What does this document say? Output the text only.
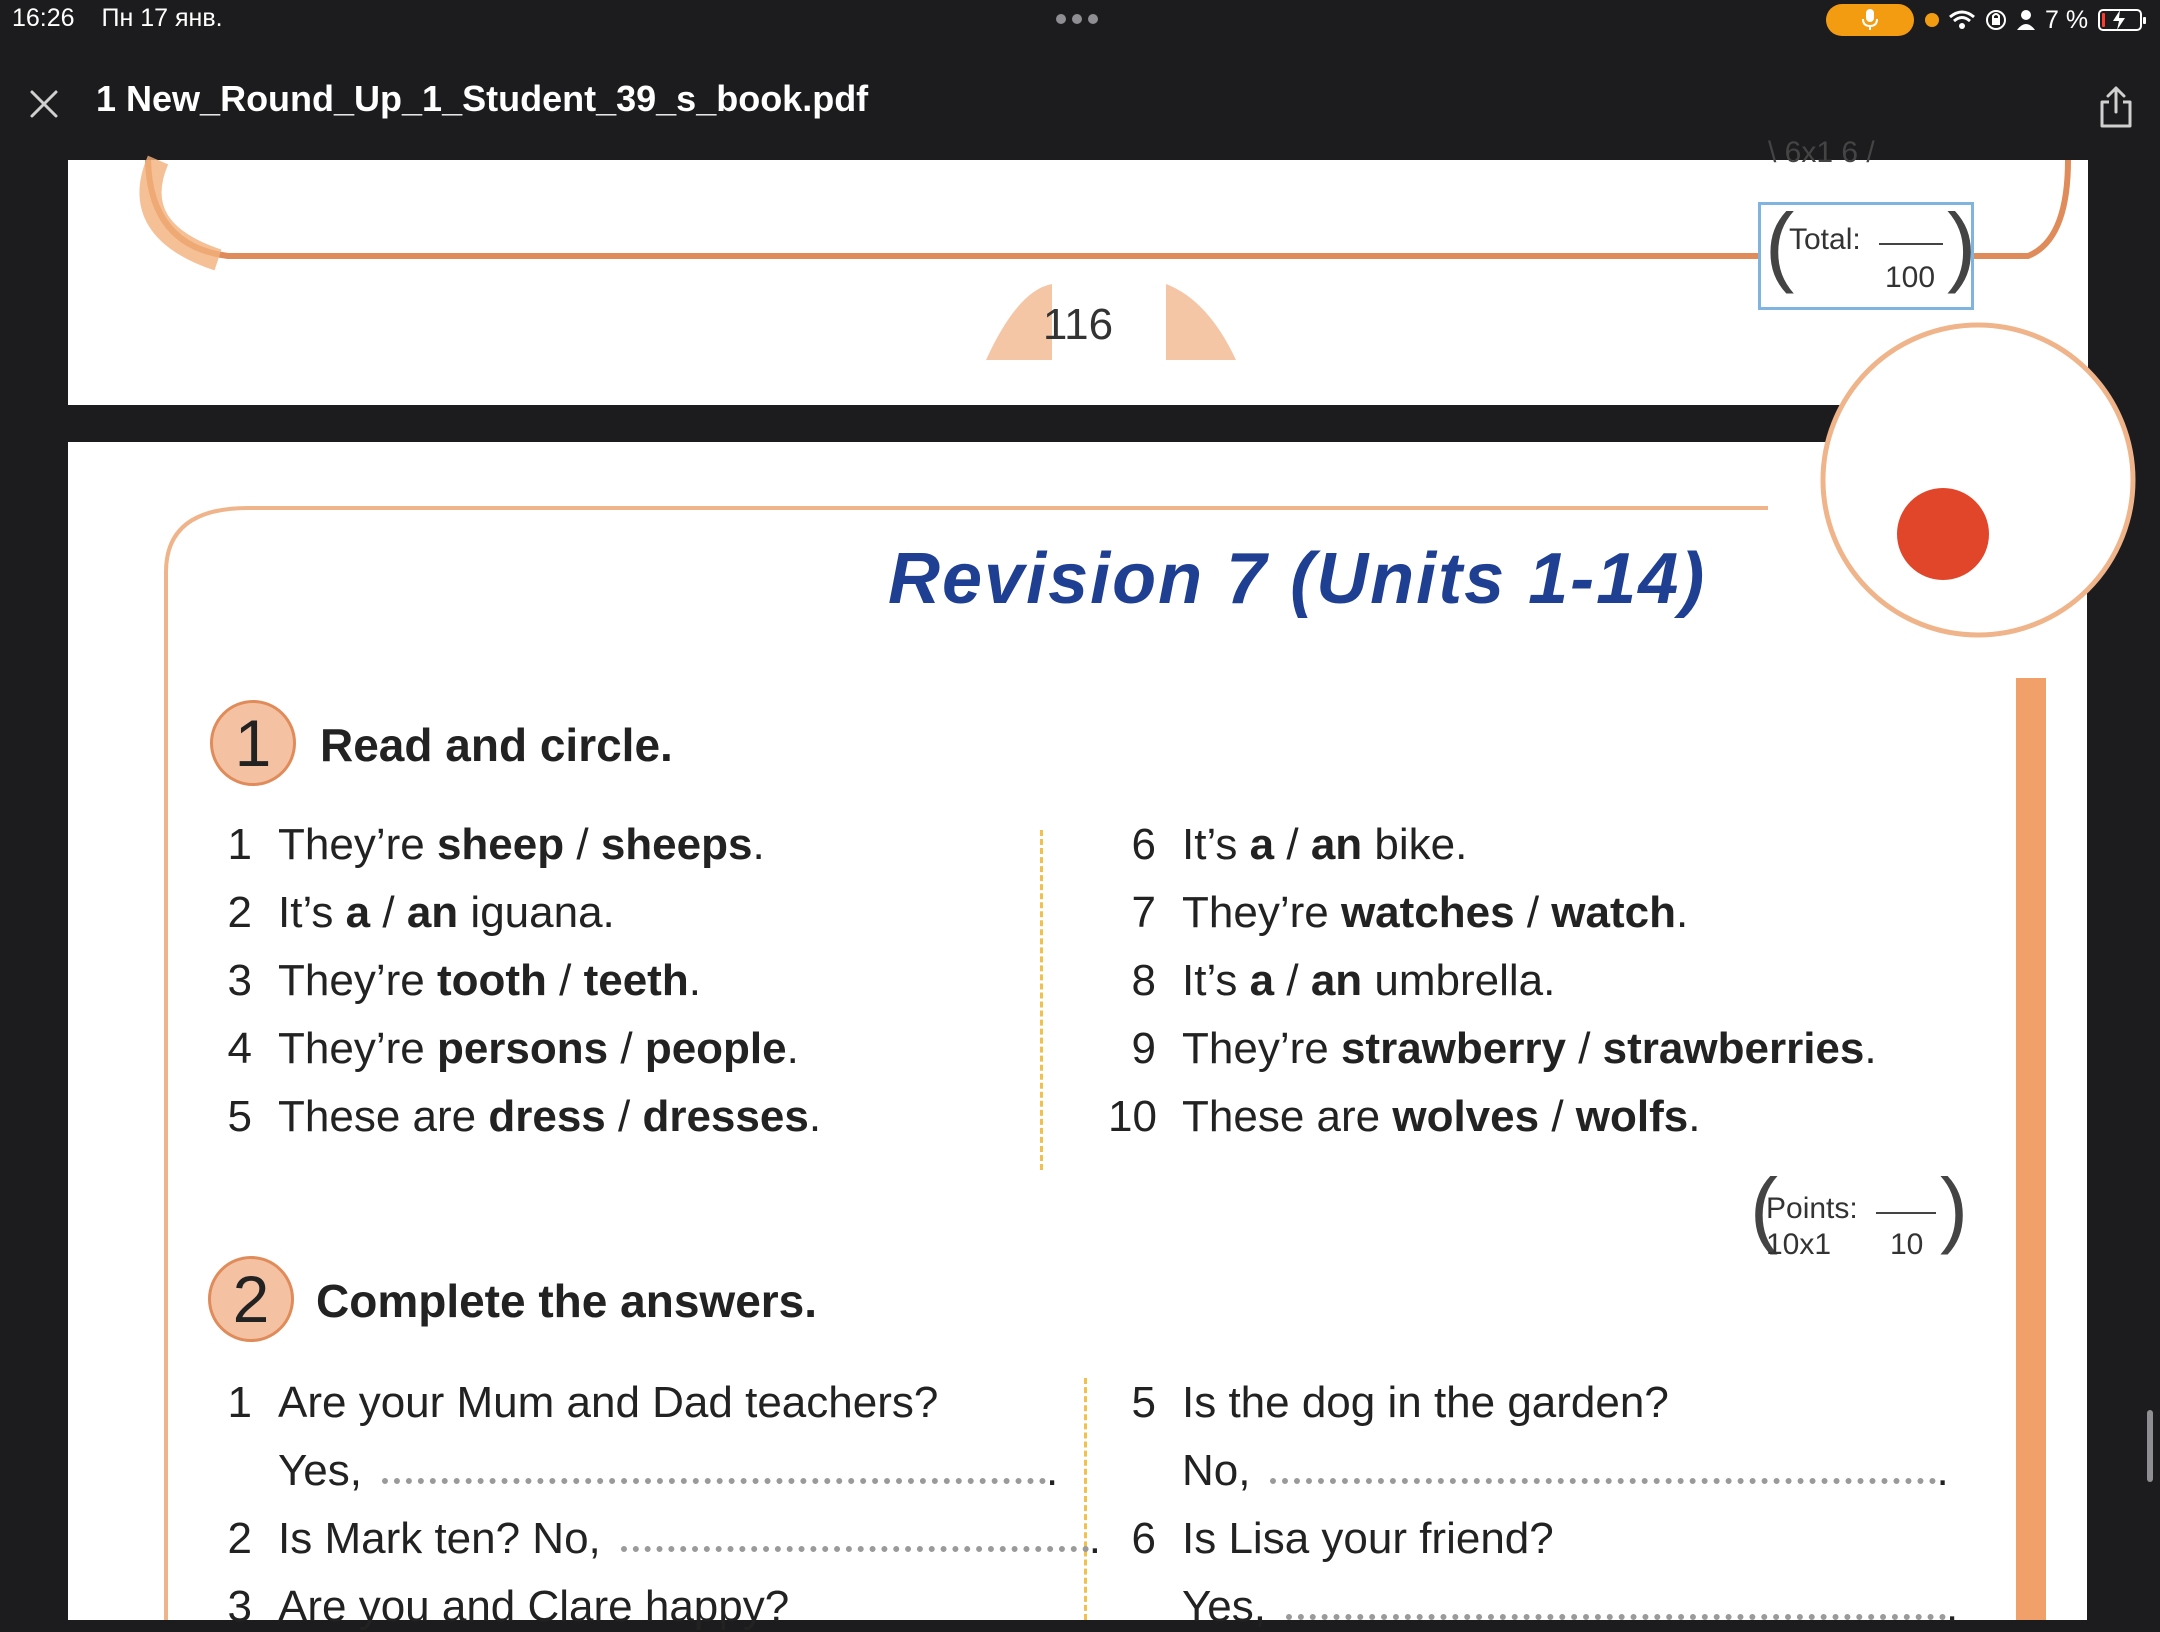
16:26 Пн 17 янв.	7 %
1 New_Round_Up_1_Student_39_s_book.pdf
\ 6x1 6 /
(
Total:
100 )
116
Revision 7 (Units 1-14)
1	Read and circle.
1 They’re sheep / sheeps.
2 It’s a / an iguana.
3 They’re tooth / teeth.
4 They’re persons / people.
5 These are dress / dresses.
6 It’s a / an bike.
7 They’re watches / watch.
8 It’s a / an umbrella.
9 They’re strawberry / strawberries.
10 These are wolves / wolfs.
(
Points:
10x1 10 )
2	Complete the answers.
1 Are your Mum and Dad teachers?
Yes,	.
2 Is Mark ten? No,	.
3 Are you and Clare happy?
5 Is the dog in the garden?
No,	.
6 Is Lisa your friend?
Yes,	.
